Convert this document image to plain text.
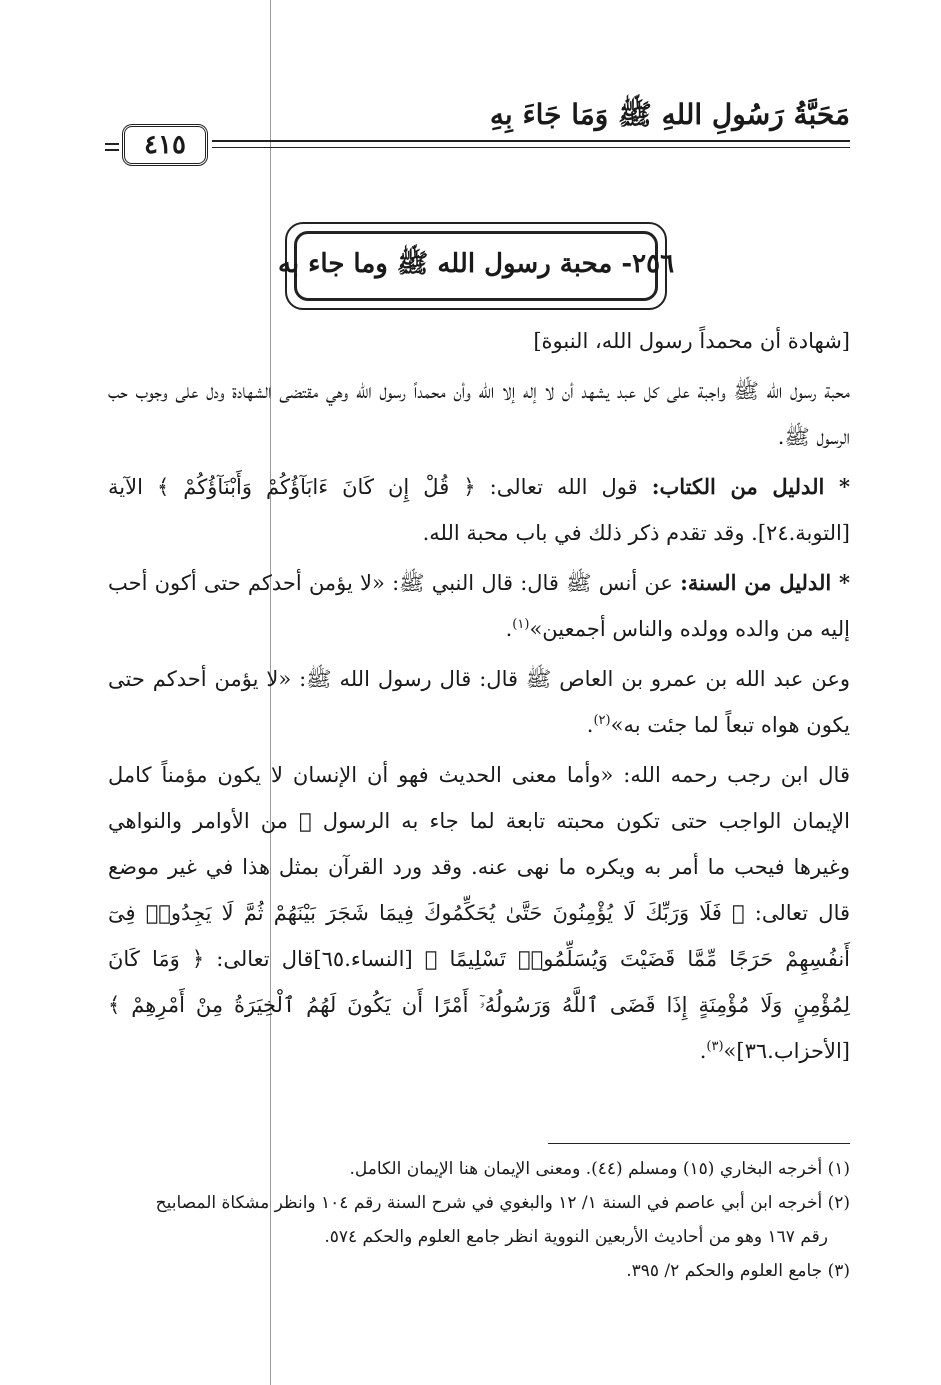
مَحَبَّةُ رَسُولِ اللهِ ﷺ وَمَا جَاءَ بِهِ
٤١٥
٢٥٦- محبة رسول الله ﷺ وما جاء به

[شهادة أن محمداً رسول الله، النبوة]

محبة رسول الله ﷺ واجبة على كل عبد يشهد أن لا إله إلا الله وأن محمداً رسول الله وهي مقتضى الشهادة ودل على وجوب حب الرسول ﷺ.

* الدليل من الكتاب: قول الله تعالى: ﴿ قُلْ إِن كَانَ ءَابَآؤُكُمْ وَأَبْنَآؤُكُمْ ﴾ الآية [التوبة.٢٤]. وقد تقدم ذكر ذلك في باب محبة الله.

* الدليل من السنة: عن أنس ﷺ قال: قال النبي ﷺ: «لا يؤمن أحدكم حتى أكون أحب إليه من والده وولده والناس أجمعين»$^{(١)}$.

وعن عبد الله بن عمرو بن العاص ﷺ قال: قال رسول الله ﷺ: «لا يؤمن أحدكم حتى يكون هواه تبعاً لما جئت به»$^{(٢)}$.

قال ابن رجب رحمه الله: «وأما معنى الحديث فهو أن الإنسان لا يكون مؤمناً كامل الإيمان الواجب حتى تكون محبته تابعة لما جاء به الرسول ﷺ من الأوامر والنواهي وغيرها فيحب ما أمر به ويكره ما نهى عنه. وقد ورد القرآن بمثل هذا في غير موضع قال تعالى: ﴿ فَلَا وَرَبِّكَ لَا يُؤْمِنُونَ حَتَّىٰ يُحَكِّمُوكَ فِيمَا شَجَرَ بَيْنَهُمْ ثُمَّ لَا يَجِدُوا۟ فِىٓ أَنفُسِهِمْ حَرَجًا مِّمَّا قَضَيْتَ وَيُسَلِّمُوا۟ تَسْلِيمًا ﴾ [النساء.٦٥]قال تعالى: ﴿ وَمَا كَانَ لِمُؤْمِنٍ وَلَا مُؤْمِنَةٍ إِذَا قَضَى ٱللَّهُ وَرَسُولُهُۥٓ أَمْرًا أَن يَكُونَ لَهُمُ ٱلْخِيَرَةُ مِنْ أَمْرِهِمْ ﴾ [الأحزاب.٣٦]»$^{(٣)}$.

(١) أخرجه البخاري (١٥) ومسلم (٤٤). ومعنى الإيمان هنا الإيمان الكامل.

(٢) أخرجه ابن أبي عاصم في السنة ١/ ١٢ والبغوي في شرح السنة رقم ١٠٤ وانظر مشكاة المصابيح

رقم ١٦٧ وهو من أحاديث الأربعين النووية انظر جامع العلوم والحكم ٥٧٤.

(٣) جامع العلوم والحكم ٢/ ٣٩٥.
